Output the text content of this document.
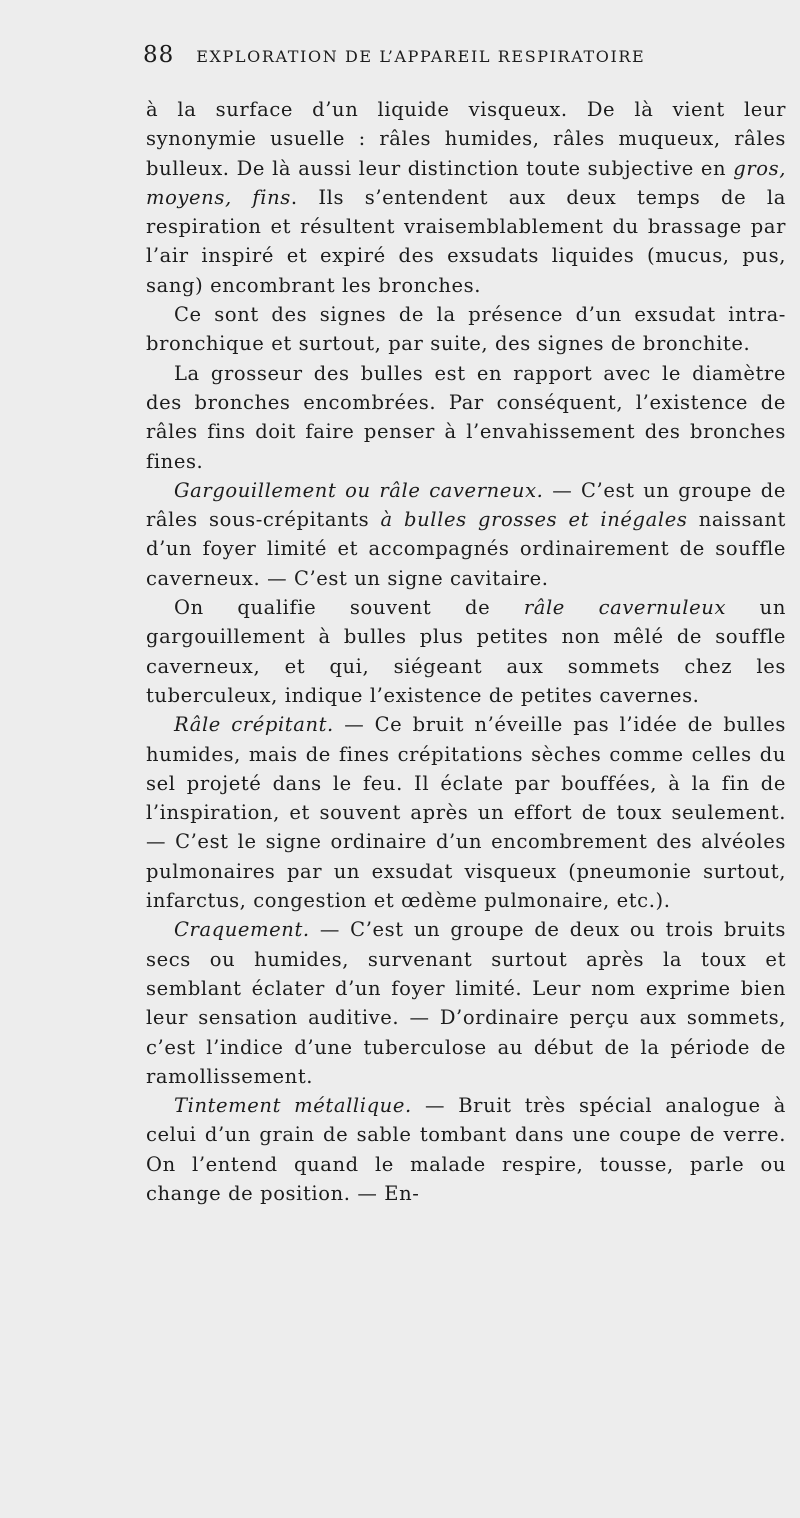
88 EXPLORATION DE L’APPAREIL RESPIRATOIRE

à la surface d’un liquide visqueux. De là vient leur synonymie usuelle : râles humides, râles muqueux, râles bulleux. De là aussi leur distinction toute subjective en gros, moyens, fins. Ils s’entendent aux deux temps de la respiration et résultent vraisemblablement du brassage par l’air inspiré et expiré des exsudats liquides (mucus, pus, sang) encombrant les bronches.

Ce sont des signes de la présence d’un exsudat intra-bronchique et surtout, par suite, des signes de bronchite.

La grosseur des bulles est en rapport avec le diamètre des bronches encombrées. Par conséquent, l’existence de râles fins doit faire penser à l’envahissement des bronches fines.

Gargouillement ou râle caverneux. — C’est un groupe de râles sous-crépitants à bulles grosses et inégales naissant d’un foyer limité et accompagnés ordinairement de souffle caverneux. — C’est un signe cavitaire.

On qualifie souvent de râle cavernuleux un gargouillement à bulles plus petites non mêlé de souffle caverneux, et qui, siégeant aux sommets chez les tuberculeux, indique l’existence de petites cavernes.

Râle crépitant. — Ce bruit n’éveille pas l’idée de bulles humides, mais de fines crépitations sèches comme celles du sel projeté dans le feu. Il éclate par bouffées, à la fin de l’inspiration, et souvent après un effort de toux seulement. — C’est le signe ordinaire d’un encombrement des alvéoles pulmonaires par un exsudat visqueux (pneumonie surtout, infarctus, congestion et œdème pulmonaire, etc.).

Craquement. — C’est un groupe de deux ou trois bruits secs ou humides, survenant surtout après la toux et semblant éclater d’un foyer limité. Leur nom exprime bien leur sensation auditive. — D’ordinaire perçu aux sommets, c’est l’indice d’une tuberculose au début de la période de ramollissement.

Tintement métallique. — Bruit très spécial analogue à celui d’un grain de sable tombant dans une coupe de verre. On l’entend quand le malade respire, tousse, parle ou change de position. — En-
